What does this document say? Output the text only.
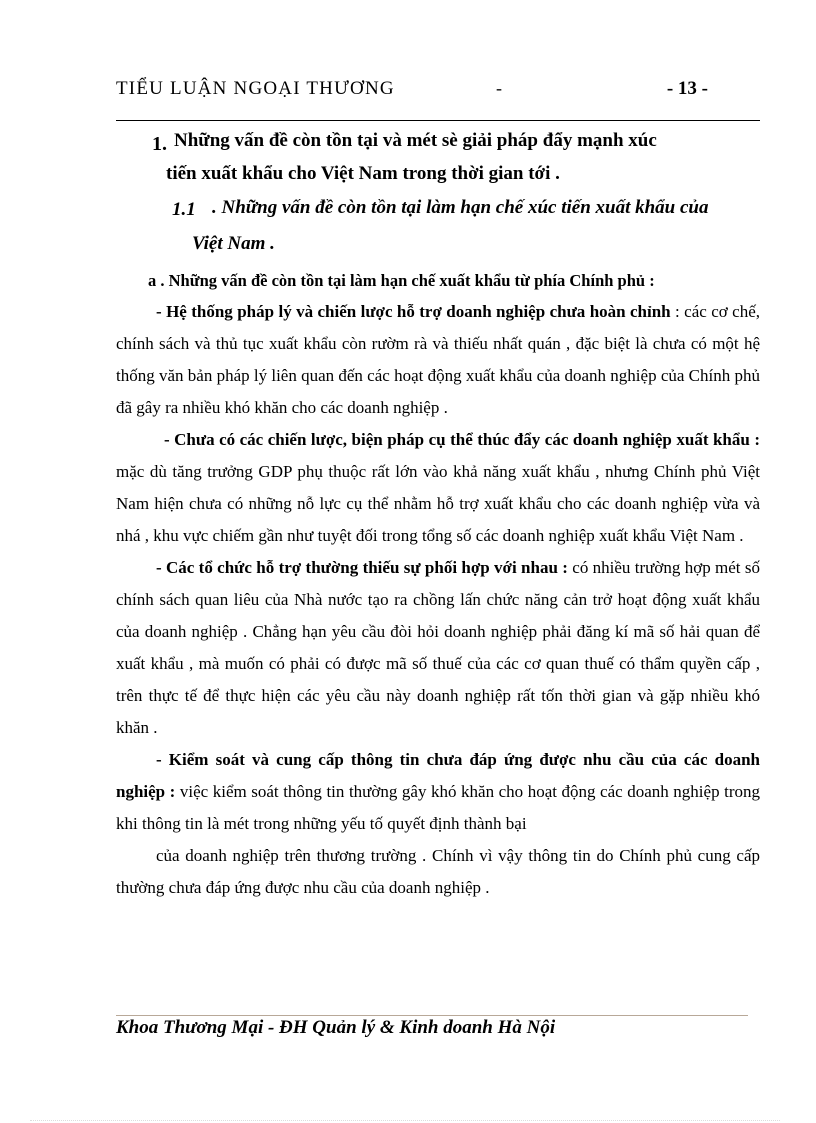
TIỂU LUẬN NGOẠI THƯƠNG	-	- 13 -
1. Những vấn đề còn tồn tại và mét sè giải pháp đẩy mạnh xúc
tiến xuất khẩu cho Việt Nam trong thời gian tới .
1.1 . Những vấn đề còn tồn tại làm hạn chế xúc tiến xuất khẩu của
Việt Nam .
a . Những vấn đề còn tồn tại làm hạn chế xuất khẩu từ phía Chính phủ :

- Hệ thống pháp lý và chiến lược hỗ trợ doanh nghiệp chưa hoàn chỉnh : các cơ chế, chính sách và thủ tục xuất khẩu còn rườm rà và thiếu nhất quán , đặc biệt là chưa có một hệ thống văn bản pháp lý liên quan đến các hoạt động xuất khẩu của doanh nghiệp của Chính phủ đã gây ra nhiều khó khăn cho các doanh nghiệp .

- Chưa có các chiến lược, biện pháp cụ thể thúc đẩy các doanh nghiệp xuất khẩu : mặc dù tăng trưởng GDP phụ thuộc rất lớn vào khả năng xuất khẩu , nhưng Chính phủ Việt Nam hiện chưa có những nỗ lực cụ thể nhằm hỗ trợ xuất khẩu cho các doanh nghiệp vừa và nhá , khu vực chiếm gần như tuyệt đối trong tổng số các doanh nghiệp xuất khẩu Việt Nam .

- Các tổ chức hỗ trợ thường thiếu sự phối hợp với nhau : có nhiều trường hợp mét số chính sách quan liêu của Nhà nước tạo ra chồng lấn chức năng cản trở hoạt động xuất khẩu của doanh nghiệp . Chẳng hạn yêu cầu đòi hỏi doanh nghiệp phải đăng kí mã số hải quan để xuất khẩu , mà muốn có phải có được mã số thuế của các cơ quan thuế có thẩm quyền cấp , trên thực tế để thực hiện các yêu cầu này doanh nghiệp rất tốn thời gian và gặp nhiều khó khăn .

- Kiểm soát và cung cấp thông tin chưa đáp ứng được nhu cầu của các doanh nghiệp : việc kiểm soát thông tin thường gây khó khăn cho hoạt động các doanh nghiệp trong khi thông tin là mét trong những yếu tố quyết định thành bại

của doanh nghiệp trên thương trường . Chính vì vậy thông tin do Chính phủ cung cấp thường chưa đáp ứng được nhu cầu của doanh nghiệp .

Khoa Thương Mại - ĐH Quản lý & Kinh doanh Hà Nội
